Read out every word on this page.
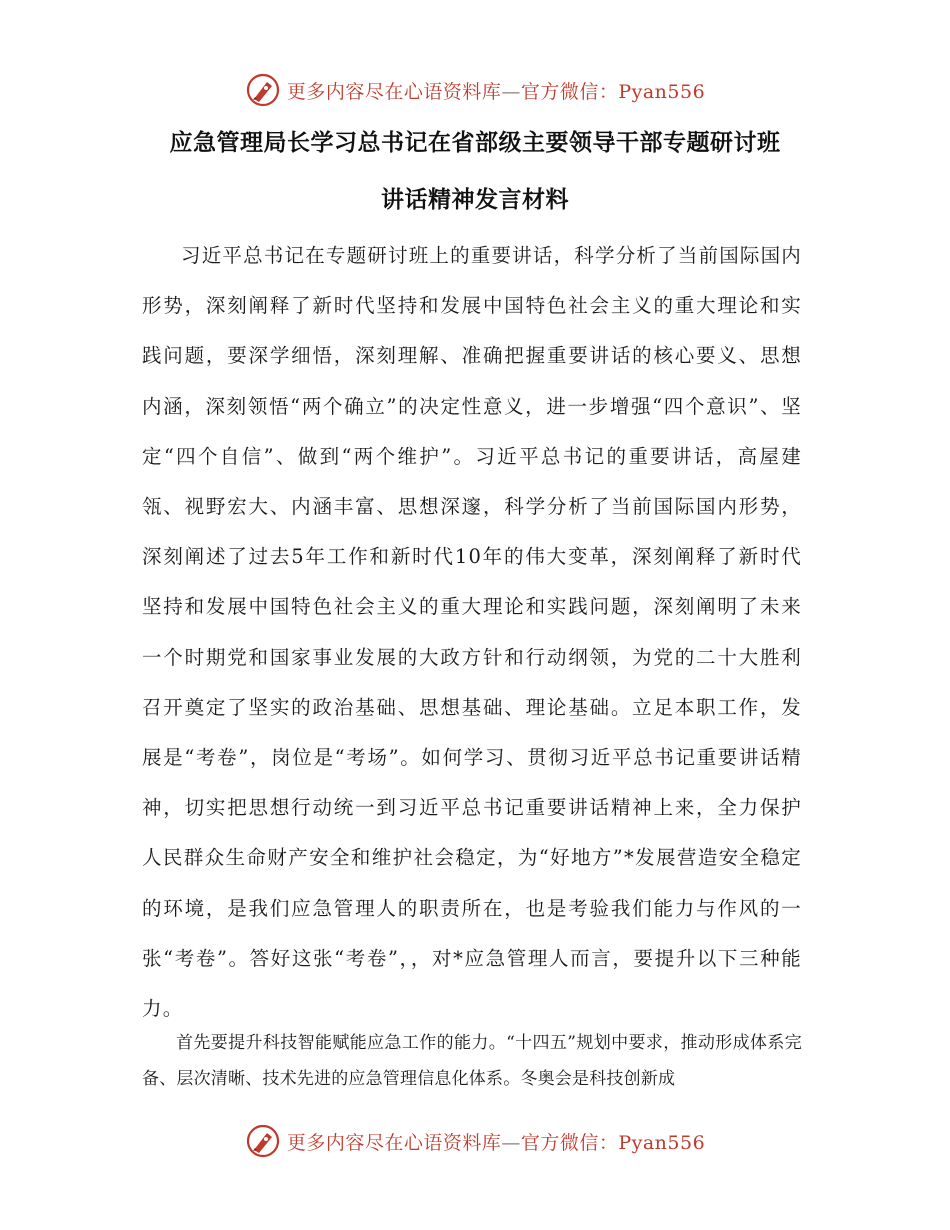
更多内容尽在心语资料库—官方微信：Pyan556
应急管理局长学习总书记在省部级主要领导干部专题研讨班
讲话精神发言材料

习近平总书记在专题研讨班上的重要讲话，科学分析了当前国际国内形势，深刻阐释了新时代坚持和发展中国特色社会主义的重大理论和实践问题，要深学细悟，深刻理解、准确把握重要讲话的核心要义、思想内涵，深刻领悟“两个确立”的决定性意义，进一步增强“四个意识”、坚定“四个自信”、做到“两个维护”。习近平总书记的重要讲话，高屋建瓴、视野宏大、内涵丰富、思想深邃，科学分析了当前国际国内形势，深刻阐述了过去5年工作和新时代10年的伟大变革，深刻阐释了新时代坚持和发展中国特色社会主义的重大理论和实践问题，深刻阐明了未来一个时期党和国家事业发展的大政方针和行动纲领，为党的二十大胜利召开奠定了坚实的政治基础、思想基础、理论基础。立足本职工作，发展是“考卷”，岗位是“考场”。如何学习、贯彻习近平总书记重要讲话精神，切实把思想行动统一到习近平总书记重要讲话精神上来，全力保护人民群众生命财产安全和维护社会稳定，为“好地方”*发展营造安全稳定的环境，是我们应急管理人的职责所在，也是考验我们能力与作风的一张“考卷”。答好这张“考卷”，，对*应急管理人而言，要提升以下三种能力。

首先要提升科技智能赋能应急工作的能力。“十四五”规划中要求，推动形成体系完备、层次清晰、技术先进的应急管理信息化体系。冬奥会是科技创新成

更多内容尽在心语资料库—官方微信：Pyan556
